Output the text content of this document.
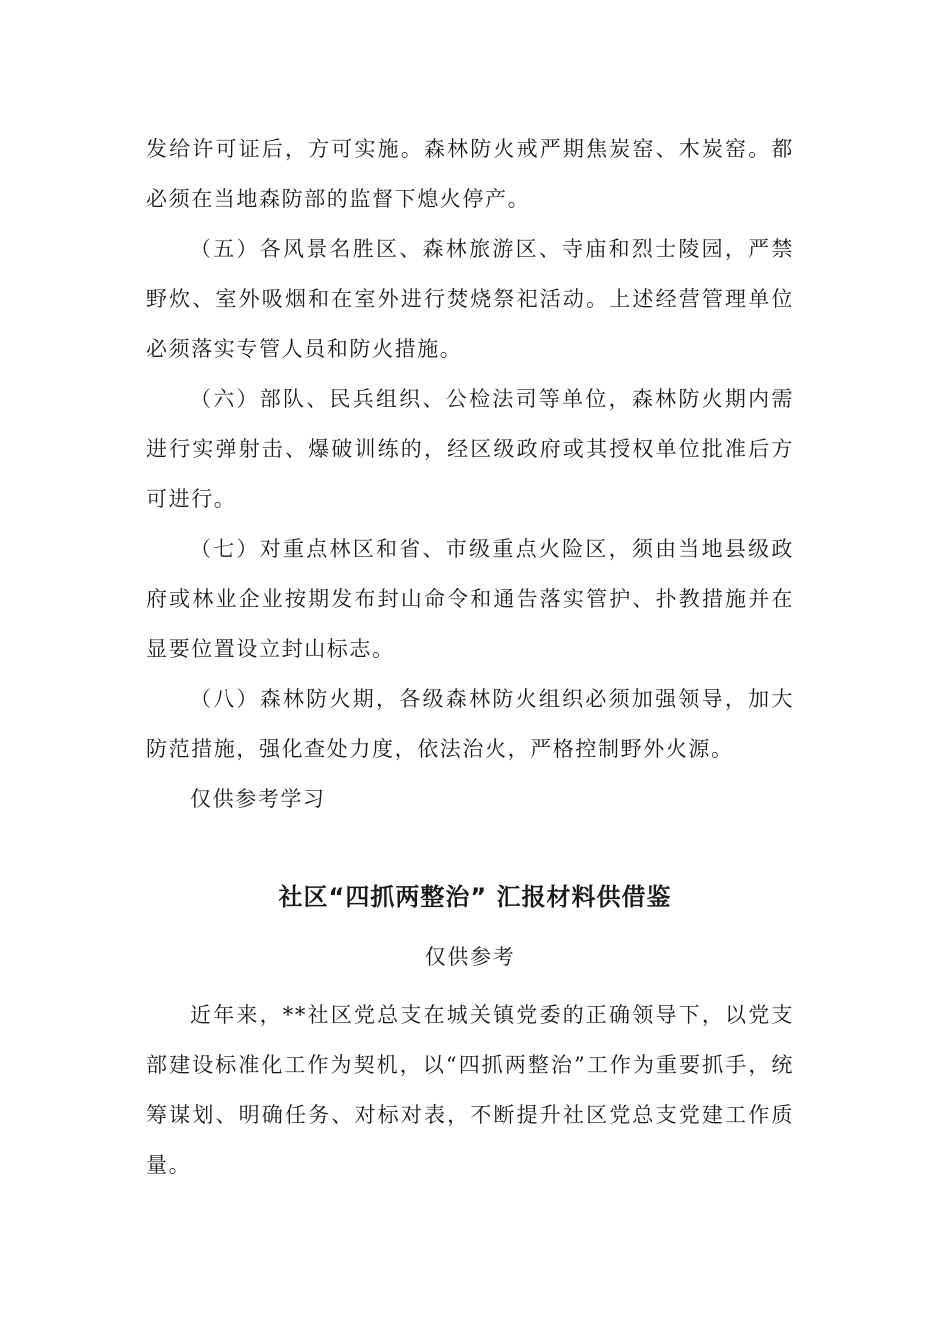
发给许可证后，方可实施。森林防火戒严期焦炭窑、木炭窑。都必须在当地森防部的监督下熄火停产。

（五）各风景名胜区、森林旅游区、寺庙和烈士陵园，严禁野炊、室外吸烟和在室外进行焚烧祭祀活动。上述经营管理单位必须落实专管人员和防火措施。

（六）部队、民兵组织、公检法司等单位，森林防火期内需进行实弹射击、爆破训练的，经区级政府或其授权单位批准后方可进行。

（七）对重点林区和省、市级重点火险区，须由当地县级政府或林业企业按期发布封山命令和通告落实管护、扑教措施并在显要位置设立封山标志。

（八）森林防火期，各级森林防火组织必须加强领导，加大防范措施，强化查处力度，依法治火，严格控制野外火源。

仅供参考学习

社区“四抓两整治” 汇报材料供借鉴

仅供参考

近年来，**社区党总支在城关镇党委的正确领导下，以党支部建设标准化工作为契机，以“四抓两整治”工作为重要抓手，统筹谋划、明确任务、对标对表，不断提升社区党总支党建工作质量。
